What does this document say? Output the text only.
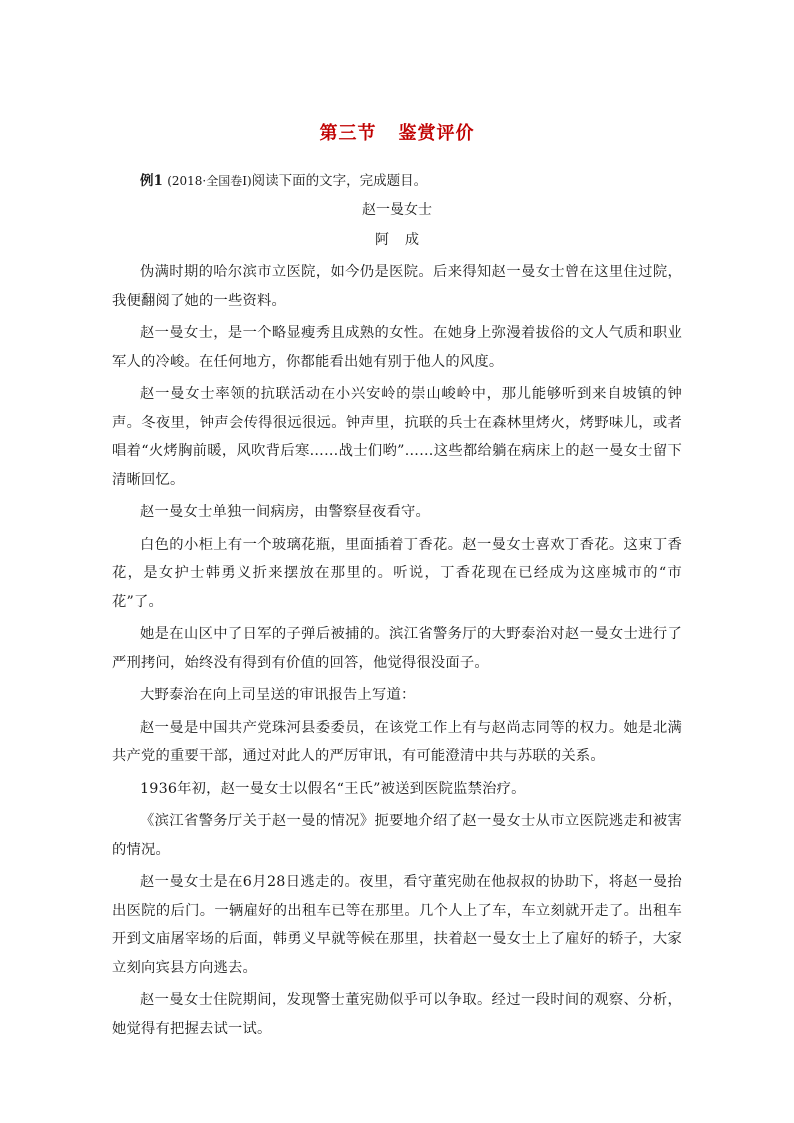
第三节 鉴赏评价
例1 (2018·全国卷Ⅰ)阅读下面的文字，完成题目。
赵一曼女士
阿 成

伪满时期的哈尔滨市立医院，如今仍是医院。后来得知赵一曼女士曾在这里住过院，我便翻阅了她的一些资料。

赵一曼女士，是一个略显瘦秀且成熟的女性。在她身上弥漫着拔俗的文人气质和职业军人的冷峻。在任何地方，你都能看出她有别于他人的风度。

赵一曼女士率领的抗联活动在小兴安岭的崇山峻岭中，那儿能够听到来自坡镇的钟声。冬夜里，钟声会传得很远很远。钟声里，抗联的兵士在森林里烤火，烤野味儿，或者唱着“火烤胸前暖，风吹背后寒……战士们哟”……这些都给躺在病床上的赵一曼女士留下清晰回忆。

赵一曼女士单独一间病房，由警察昼夜看守。

白色的小柜上有一个玻璃花瓶，里面插着丁香花。赵一曼女士喜欢丁香花。这束丁香花，是女护士韩勇义折来摆放在那里的。听说，丁香花现在已经成为这座城市的“市花”了。

她是在山区中了日军的子弹后被捕的。滨江省警务厅的大野泰治对赵一曼女士进行了严刑拷问，始终没有得到有价值的回答，他觉得很没面子。

大野泰治在向上司呈送的审讯报告上写道：

赵一曼是中国共产党珠河县委委员，在该党工作上有与赵尚志同等的权力。她是北满共产党的重要干部，通过对此人的严厉审讯，有可能澄清中共与苏联的关系。

1936年初，赵一曼女士以假名“王氏”被送到医院监禁治疗。

《滨江省警务厅关于赵一曼的情况》扼要地介绍了赵一曼女士从市立医院逃走和被害的情况。

赵一曼女士是在6月28日逃走的。夜里，看守董宪勋在他叔叔的协助下，将赵一曼抬出医院的后门。一辆雇好的出租车已等在那里。几个人上了车，车立刻就开走了。出租车开到文庙屠宰场的后面，韩勇义早就等候在那里，扶着赵一曼女士上了雇好的轿子，大家立刻向宾县方向逃去。

赵一曼女士住院期间，发现警士董宪勋似乎可以争取。经过一段时间的观察、分析，她觉得有把握去试一试。
